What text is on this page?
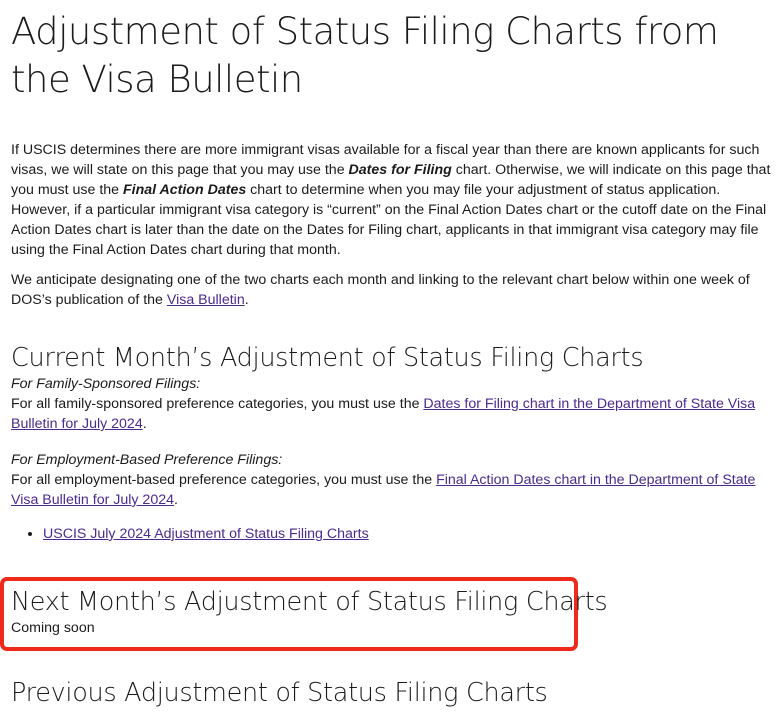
Adjustment of Status Filing Charts from the Visa Bulletin

If USCIS determines there are more immigrant visas available for a fiscal year than there are known applicants for such visas, we will state on this page that you may use the Dates for Filing chart. Otherwise, we will indicate on this page that you must use the Final Action Dates chart to determine when you may file your adjustment of status application. However, if a particular immigrant visa category is “current” on the Final Action Dates chart or the cutoff date on the Final Action Dates chart is later than the date on the Dates for Filing chart, applicants in that immigrant visa category may file using the Final Action Dates chart during that month.

We anticipate designating one of the two charts each month and linking to the relevant chart below within one week of DOS’s publication of the Visa Bulletin.

Current Month’s Adjustment of Status Filing Charts

For Family-Sponsored Filings:
For all family-sponsored preference categories, you must use the Dates for Filing chart in the Department of State Visa Bulletin for July 2024.

For Employment-Based Preference Filings:
For all employment-based preference categories, you must use the Final Action Dates chart in the Department of State Visa Bulletin for July 2024.

• USCIS July 2024 Adjustment of Status Filing Charts
Next Month’s Adjustment of Status Filing Charts

Coming soon

Previous Adjustment of Status Filing Charts
